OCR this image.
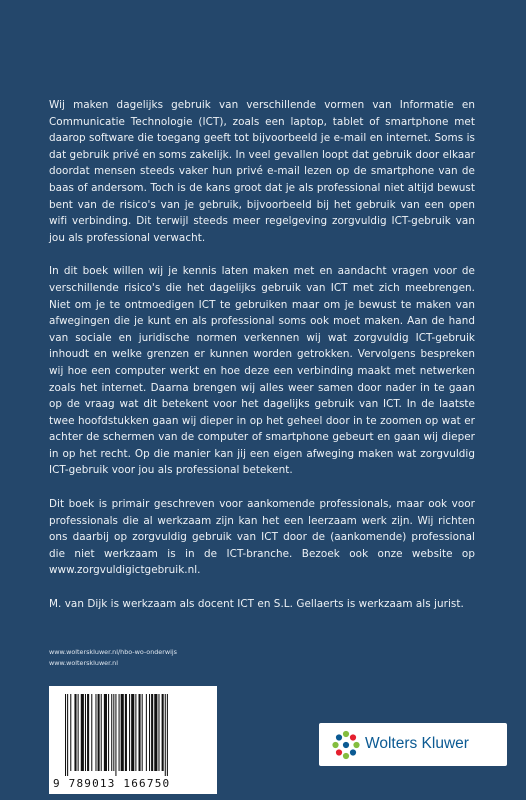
Wij maken dagelijks gebruik van verschillende vormen van Informatie en Communicatie Technologie (ICT), zoals een laptop, tablet of smartphone met daarop software die toegang geeft tot bijvoorbeeld je e-mail en internet. Soms is dat gebruik privé en soms zakelijk. In veel gevallen loopt dat gebruik door elkaar doordat mensen steeds vaker hun privé e-mail lezen op de smartphone van de baas of andersom. Toch is de kans groot dat je als professional niet altijd bewust bent van de risico's van je gebruik, bijvoorbeeld bij het gebruik van een open wifi verbinding. Dit terwijl steeds meer regelgeving zorgvuldig ICT-gebruik van jou als professional verwacht.

In dit boek willen wij je kennis laten maken met en aandacht vragen voor de verschillende risico's die het dagelijks gebruik van ICT met zich meebrengen. Niet om je te ontmoedigen ICT te gebruiken maar om je bewust te maken van afwegingen die je kunt en als professional soms ook moet maken. Aan de hand van sociale en juridische normen verkennen wij wat zorgvuldig ICT-gebruik inhoudt en welke grenzen er kunnen worden getrokken. Vervolgens bespreken wij hoe een computer werkt en hoe deze een verbinding maakt met netwerken zoals het internet. Daarna brengen wij alles weer samen door nader in te gaan op de vraag wat dit betekent voor het dagelijks gebruik van ICT. In de laatste twee hoofdstukken gaan wij dieper in op het geheel door in te zoomen op wat er achter de schermen van de computer of smartphone gebeurt en gaan wij dieper in op het recht. Op die manier kan jij een eigen afweging maken wat zorgvuldig ICT-gebruik voor jou als professional betekent.

Dit boek is primair geschreven voor aankomende professionals, maar ook voor professionals die al werkzaam zijn kan het een leerzaam werk zijn. Wij richten ons daarbij op zorgvuldig gebruik van ICT door de (aankomende) professional die niet werkzaam is in de ICT-branche. Bezoek ook onze website op www.zorgvuldigictgebruik.nl.

M. van Dijk is werkzaam als docent ICT en S.L. Gellaerts is werkzaam als jurist.

www.wolterskluwer.nl/hbo-wo-onderwijs
www.wolterskluwer.nl
9 789013 166750
Wolters Kluwer
